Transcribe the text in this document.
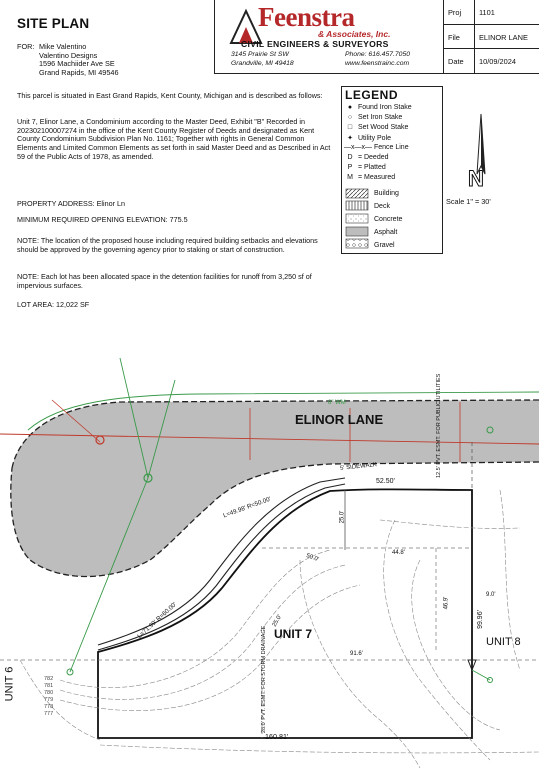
SITE PLAN
FOR: Mike Valentino
Valentino Designs
1596 Machiider Ave SE
Grand Rapids, MI 49546
Feenstra
& Associates, Inc.
CIVIL ENGINEERS & SURVEYORS
3145 Prairie St SW
Grandville, MI 49418
Phone: 616.457.7050
www.feenstrainc.com
Proj 1101
File	ELINOR LANE
Date 10/09/2024
This parcel is situated in East Grand Rapids, Kent County, Michigan and is described as follows:
Unit 7, Elinor Lane, a Condominium according to the Master Deed, Exhibit "B" Recorded in 202302100007274 in the office of the Kent County Register of Deeds and designated as Kent County Condominium Subdivision Plan No. 1161; Together with rights in General Common Elements and Limited Common Elements as set forth in said Master Deed and as Described in Act 59 of the Public Acts of 1978, as amended.
PROPERTY ADDRESS: Elinor Ln
MINIMUM REQUIRED OPENING ELEVATION: 775.5
NOTE: The location of the proposed house including required building setbacks and elevations should be approved by the governing agency prior to staking or start of construction.
NOTE: Each lot has been allocated space in the detention facilities for runoff from 3,250 sf of impervious surfaces.
LOT AREA: 12,022 SF
LEGEND
● Found Iron Stake
○ Set Iron Stake
□ Set Wood Stake
✦ Utility Pole
—x—x— Fence Line
D = Deeded
P = Platted
M = Measured
Building
Deck
Concrete
Asphalt
Gravel
N
Scale 1" = 30'
ELINOR LANE
8" WM
5' SIDEWALK
52.50'
L=49.98' R=50.00'
L=71.99' R=60.00'
25.0'
44.8'
50.0'
46.9'
9.0'
99.96'
25.0'
91.6'
160.81'
UNIT 7
UNIT 8
UNIT 6
12.5' PVT. ESMT. FOR PUBLIC UTILITIES
28.0' PVT. ESMT. FOR STORM DRAINAGE
782
781
780
779
778
777
